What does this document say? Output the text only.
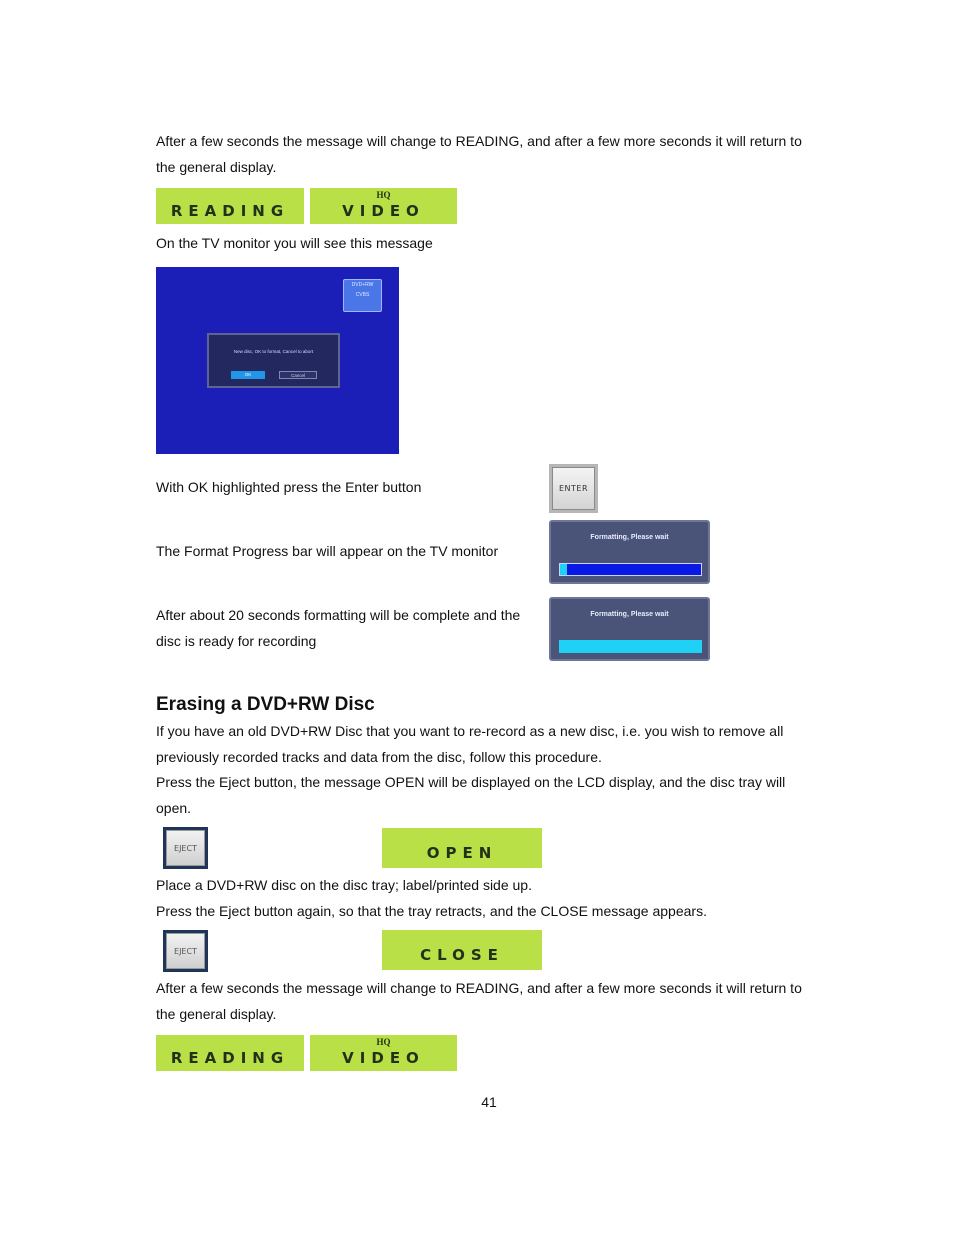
After a few seconds the message will change to READING, and after a few more seconds it will return to the general display.

READING
HQ
VIDEO

On the TV monitor you will see this message

DVD+RW
CVBS
New disc, OK to format, Cancel to abort
OK	Cancel

With OK highlighted press the Enter button	ENTER

The Format Progress bar will appear on the TV monitor

Formatting, Please wait

After about 20 seconds formatting will be complete and the disc is ready for recording

Formatting, Please wait
Erasing a DVD+RW Disc

If you have an old DVD+RW Disc that you want to re-record as a new disc, i.e. you wish to remove all previously recorded tracks and data from the disc, follow this procedure.

Press the Eject button, the message OPEN will be displayed on the LCD display, and the disc tray will open.

EJECT	OPEN

Place a DVD+RW disc on the disc tray; label/printed side up.

Press the Eject button again, so that the tray retracts, and the CLOSE message appears.

EJECT	CLOSE

After a few seconds the message will change to READING, and after a few more seconds it will return to the general display.

READING
HQ
VIDEO
41
